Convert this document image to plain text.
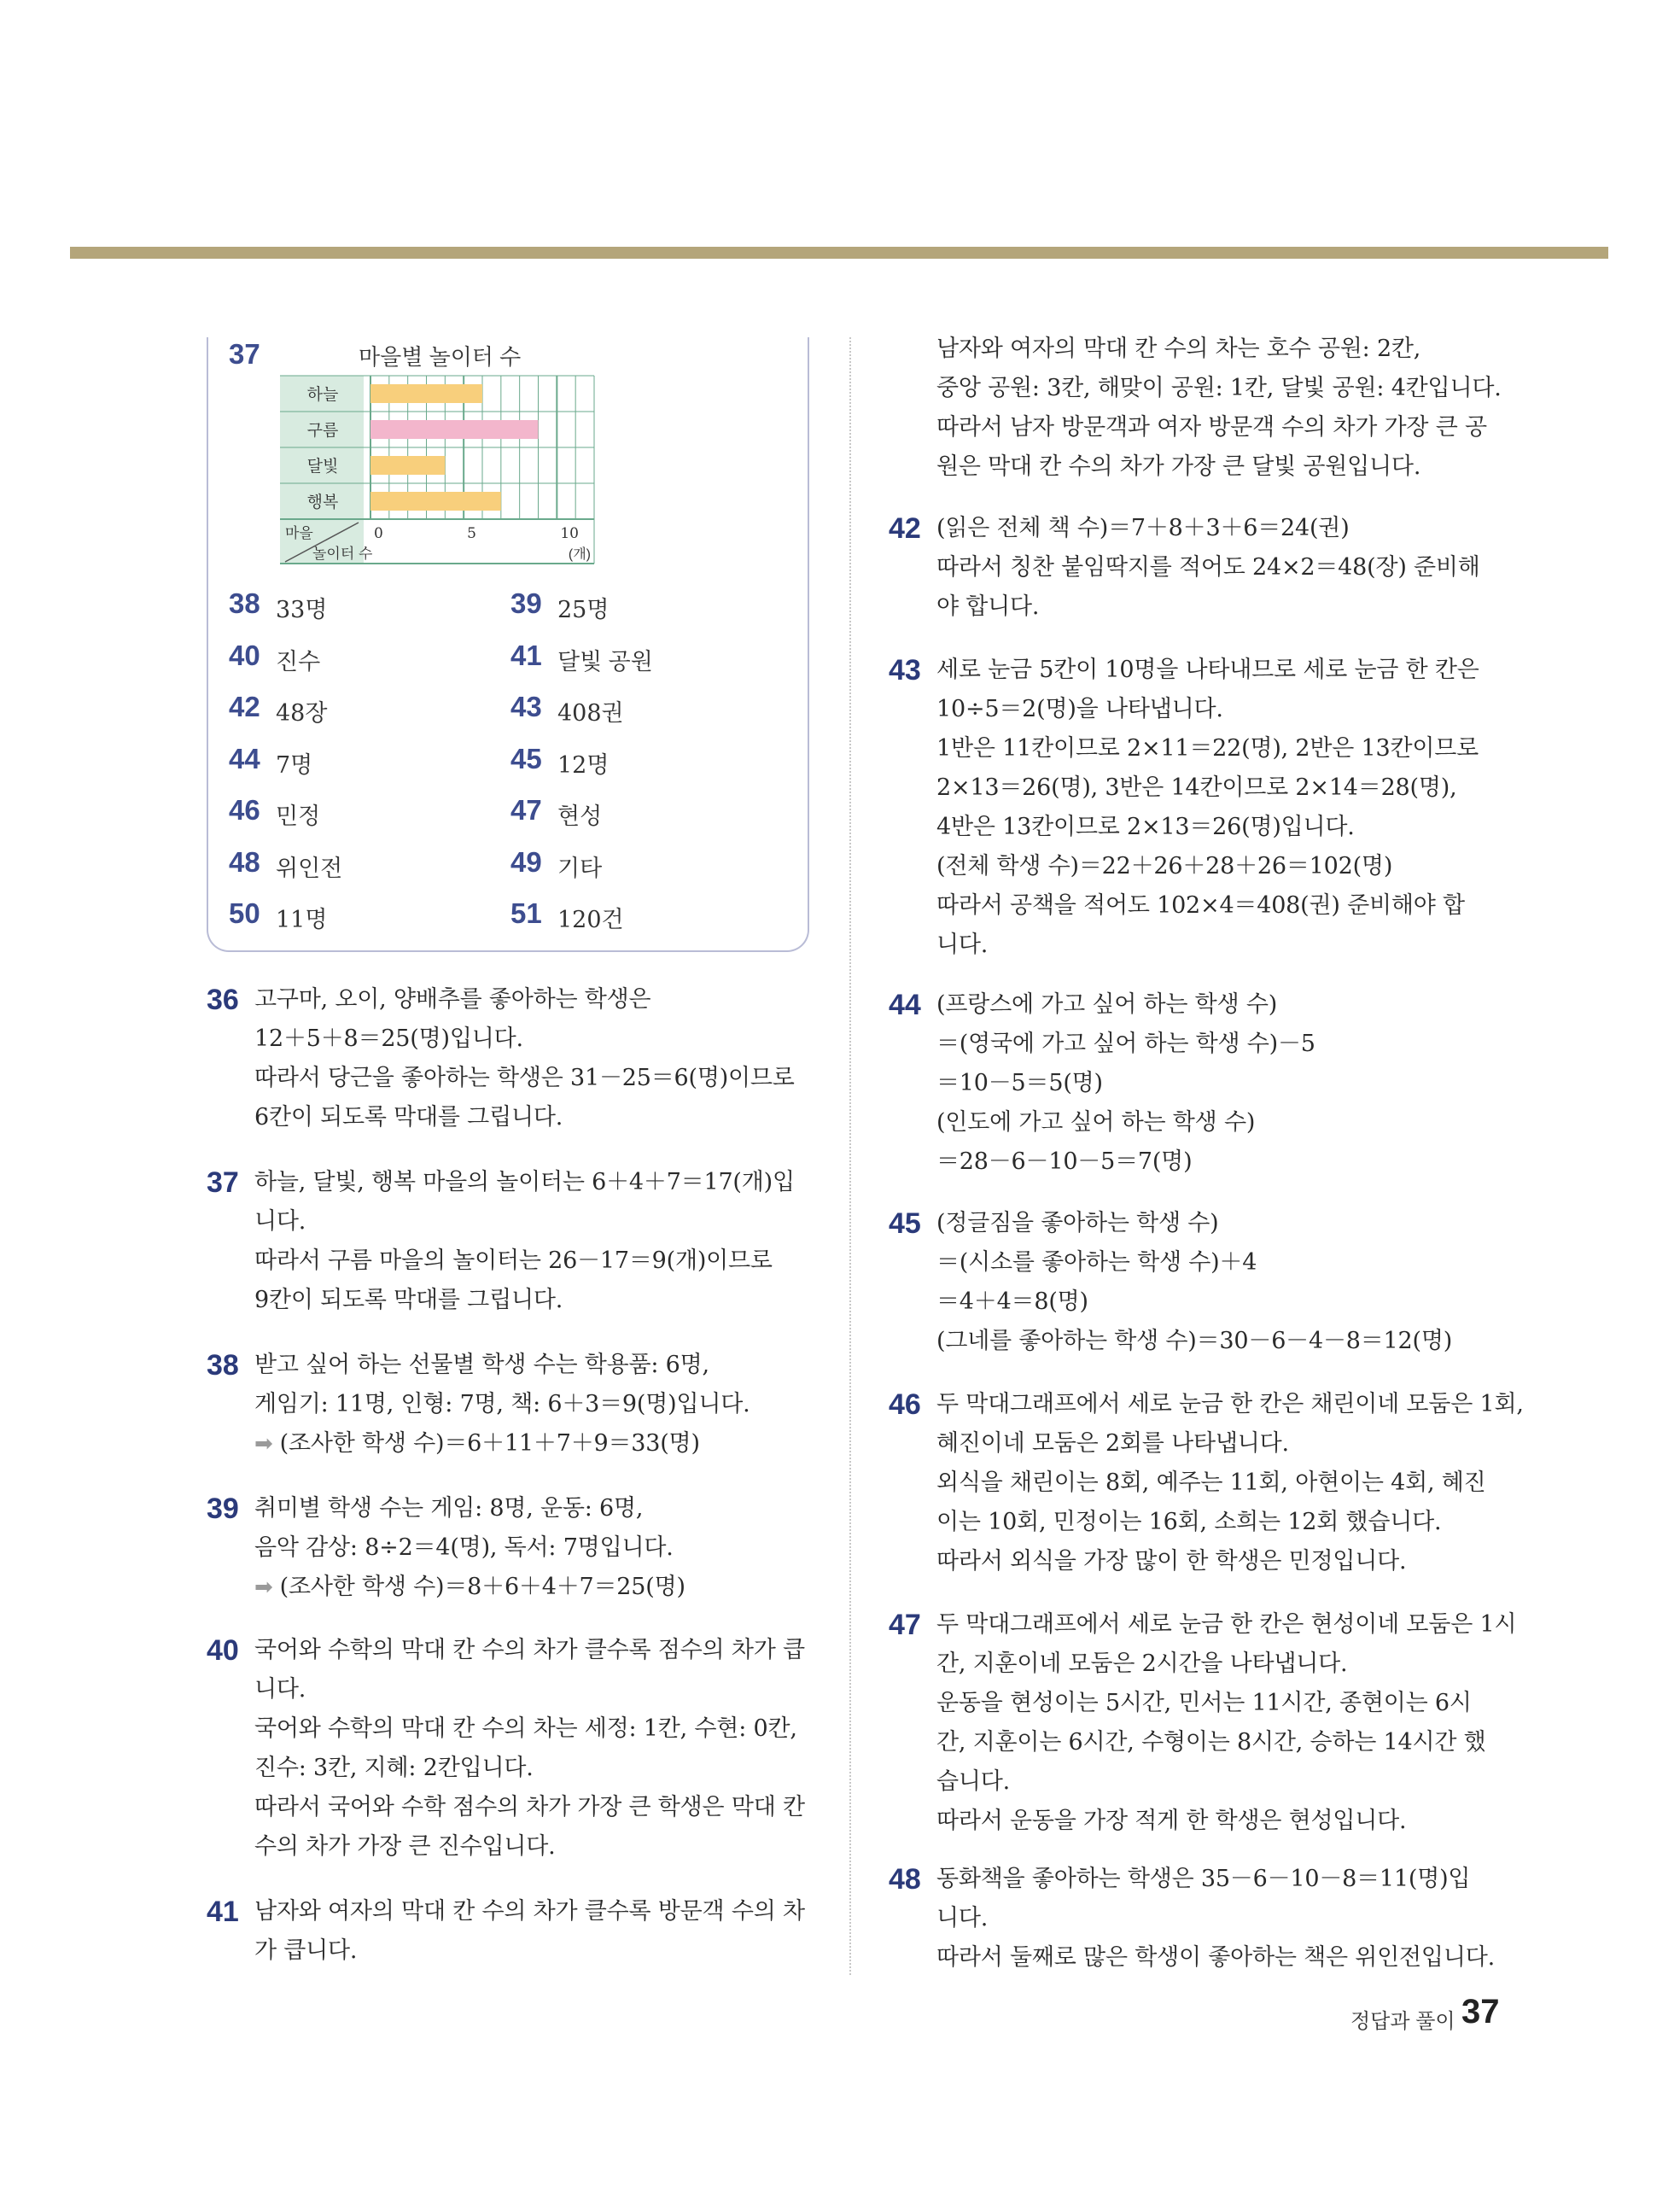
37	마을별 놀이터 수
하늘
구름
달빛
행복
마을
놀이터 수
0	5	10
(개)
38 33명	39 25명
40 진수	41 달빛 공원
42 48장	43 408권
44 7명	45 12명
46 민정	47 현성
48 위인전	49 기타
50 11명	51 120건
36 고구마, 오이, 양배추를 좋아하는 학생은
12＋5＋8＝25(명)입니다.
따라서 당근을 좋아하는 학생은 31－25＝6(명)이므로
6칸이 되도록 막대를 그립니다.
37 하늘, 달빛, 행복 마을의 놀이터는 6＋4＋7＝17(개)입
니다.
따라서 구름 마을의 놀이터는 26－17＝9(개)이므로
9칸이 되도록 막대를 그립니다.
38 받고 싶어 하는 선물별 학생 수는 학용품: 6명,
게임기: 11명, 인형: 7명, 책: 6＋3＝9(명)입니다.
➡ (조사한 학생 수)＝6＋11＋7＋9＝33(명)
39 취미별 학생 수는 게임: 8명, 운동: 6명,
음악 감상: 8÷2＝4(명), 독서: 7명입니다.
➡ (조사한 학생 수)＝8＋6＋4＋7＝25(명)
40 국어와 수학의 막대 칸 수의 차가 클수록 점수의 차가 큽
니다.
국어와 수학의 막대 칸 수의 차는 세정: 1칸, 수현: 0칸,
진수: 3칸, 지혜: 2칸입니다.
따라서 국어와 수학 점수의 차가 가장 큰 학생은 막대 칸
수의 차가 가장 큰 진수입니다.
41 남자와 여자의 막대 칸 수의 차가 클수록 방문객 수의 차
가 큽니다.
남자와 여자의 막대 칸 수의 차는 호수 공원: 2칸,
중앙 공원: 3칸, 해맞이 공원: 1칸, 달빛 공원: 4칸입니다.
따라서 남자 방문객과 여자 방문객 수의 차가 가장 큰 공
원은 막대 칸 수의 차가 가장 큰 달빛 공원입니다.
42 (읽은 전체 책 수)＝7＋8＋3＋6＝24(권)
따라서 칭찬 붙임딱지를 적어도 24×2＝48(장) 준비해
야 합니다.
43 세로 눈금 5칸이 10명을 나타내므로 세로 눈금 한 칸은
10÷5＝2(명)을 나타냅니다.
1반은 11칸이므로 2×11＝22(명), 2반은 13칸이므로
2×13＝26(명), 3반은 14칸이므로 2×14＝28(명),
4반은 13칸이므로 2×13＝26(명)입니다.
(전체 학생 수)＝22＋26＋28＋26＝102(명)
따라서 공책을 적어도 102×4＝408(권) 준비해야 합
니다.
44 (프랑스에 가고 싶어 하는 학생 수)
＝(영국에 가고 싶어 하는 학생 수)－5
＝10－5＝5(명)
(인도에 가고 싶어 하는 학생 수)
＝28－6－10－5＝7(명)
45 (정글짐을 좋아하는 학생 수)
＝(시소를 좋아하는 학생 수)＋4
＝4＋4＝8(명)
(그네를 좋아하는 학생 수)＝30－6－4－8＝12(명)
46 두 막대그래프에서 세로 눈금 한 칸은 채린이네 모둠은 1회,
혜진이네 모둠은 2회를 나타냅니다.
외식을 채린이는 8회, 예주는 11회, 아현이는 4회, 혜진
이는 10회, 민정이는 16회, 소희는 12회 했습니다.
따라서 외식을 가장 많이 한 학생은 민정입니다.
47 두 막대그래프에서 세로 눈금 한 칸은 현성이네 모둠은 1시
간, 지훈이네 모둠은 2시간을 나타냅니다.
운동을 현성이는 5시간, 민서는 11시간, 종현이는 6시
간, 지훈이는 6시간, 수형이는 8시간, 승하는 14시간 했
습니다.
따라서 운동을 가장 적게 한 학생은 현성입니다.
48 동화책을 좋아하는 학생은 35－6－10－8＝11(명)입
니다.
따라서 둘째로 많은 학생이 좋아하는 책은 위인전입니다.
정답과 풀이 37
